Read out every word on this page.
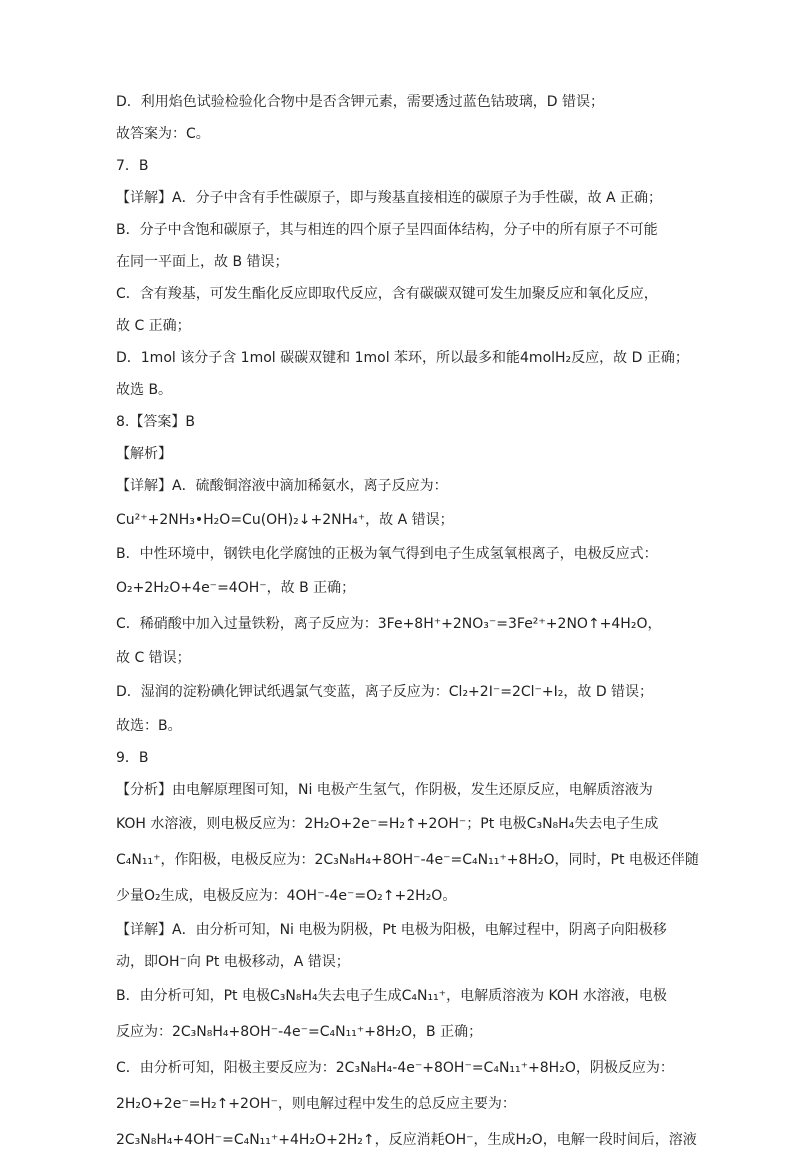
D．利用焰色试验检验化合物中是否含钾元素，需要透过蓝色钴玻璃，D 错误；
故答案为：C。
7．B
【详解】A．分子中含有手性碳原子，即与羧基直接相连的碳原子为手性碳，故 A 正确；
B．分子中含饱和碳原子，其与相连的四个原子呈四面体结构，分子中的所有原子不可能
在同一平面上，故 B 错误；
C．含有羧基，可发生酯化反应即取代反应，含有碳碳双键可发生加聚反应和氧化反应，
故 C 正确；
D．1mol 该分子含 1mol 碳碳双键和 1mol 苯环，所以最多和能4molH₂反应，故 D 正确；
故选 B。
8.【答案】B
【解析】
【详解】A．硫酸铜溶液中滴加稀氨水，离子反应为：
Cu²⁺+2NH₃•H₂O=Cu(OH)₂↓+2NH₄⁺，故 A 错误；
B．中性环境中，钢铁电化学腐蚀的正极为氧气得到电子生成氢氧根离子，电极反应式：
O₂+2H₂O+4e⁻=4OH⁻，故 B 正确；
C．稀硝酸中加入过量铁粉，离子反应为：3Fe+8H⁺+2NO₃⁻=3Fe²⁺+2NO↑+4H₂O，
故 C 错误；
D．湿润的淀粉碘化钾试纸遇氯气变蓝，离子反应为：Cl₂+2I⁻=2Cl⁻+I₂，故 D 错误；
故选：B。
9．B
【分析】由电解原理图可知，Ni 电极产生氢气，作阴极，发生还原反应，电解质溶液为
KOH 水溶液，则电极反应为：2H₂O+2e⁻=H₂↑+2OH⁻；Pt 电极C₃N₈H₄失去电子生成
C₄N₁₁⁺，作阳极，电极反应为：2C₃N₈H₄+8OH⁻-4e⁻=C₄N₁₁⁺+8H₂O，同时，Pt 电极还伴随
少量O₂生成，电极反应为：4OH⁻-4e⁻=O₂↑+2H₂O。
【详解】A．由分析可知，Ni 电极为阴极，Pt 电极为阳极，电解过程中，阴离子向阳极移
动，即OH⁻向 Pt 电极移动，A 错误；
B．由分析可知，Pt 电极C₃N₈H₄失去电子生成C₄N₁₁⁺，电解质溶液为 KOH 水溶液，电极
反应为：2C₃N₈H₄+8OH⁻-4e⁻=C₄N₁₁⁺+8H₂O，B 正确；
C．由分析可知，阳极主要反应为：2C₃N₈H₄-4e⁻+8OH⁻=C₄N₁₁⁺+8H₂O，阴极反应为：
2H₂O+2e⁻=H₂↑+2OH⁻，则电解过程中发生的总反应主要为：
2C₃N₈H₄+4OH⁻=C₄N₁₁⁺+4H₂O+2H₂↑，反应消耗OH⁻，生成H₂O，电解一段时间后，溶液
